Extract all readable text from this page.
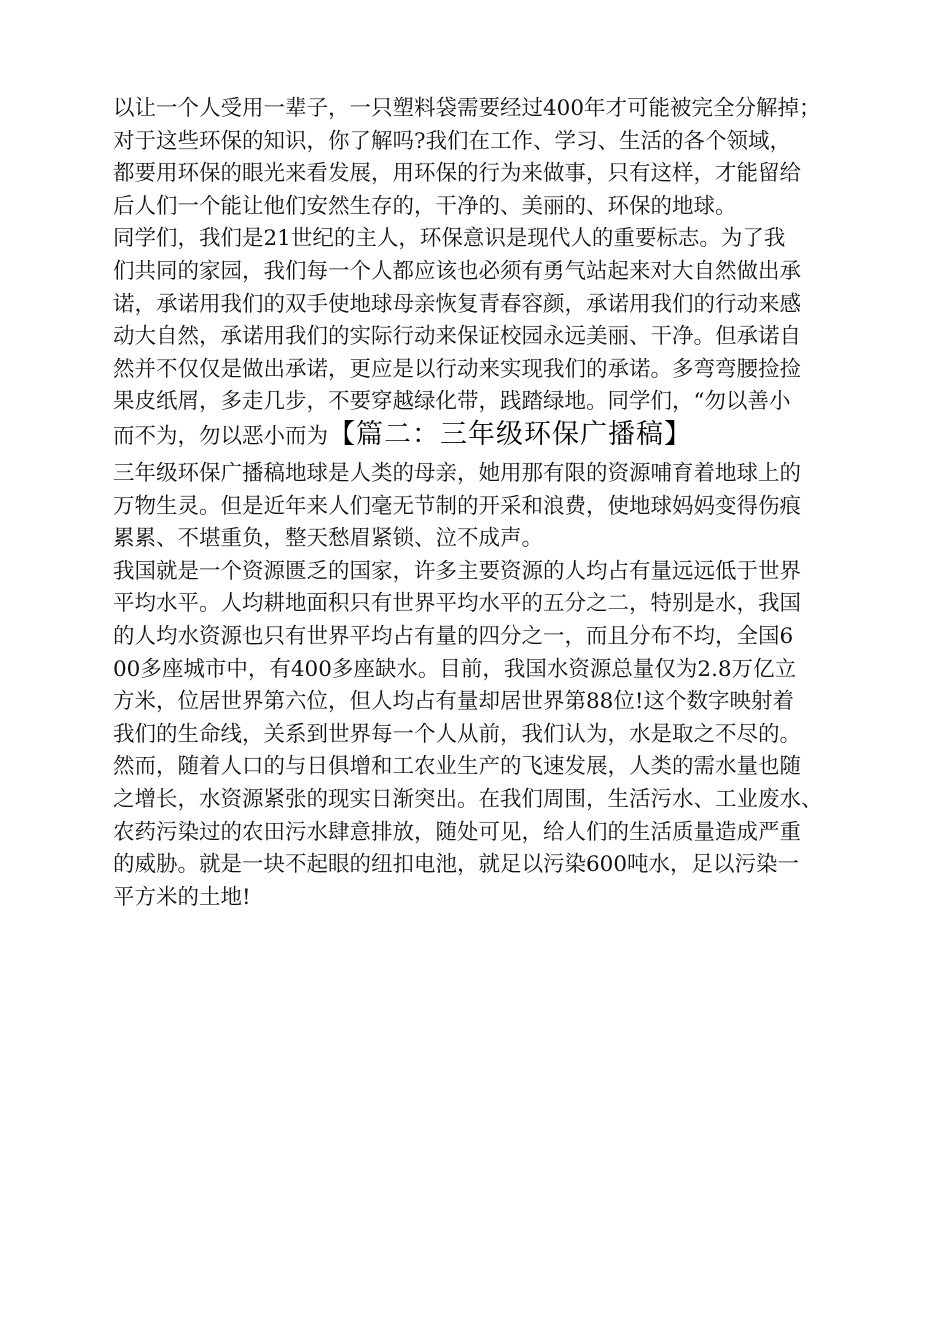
以让一个人受用一辈子，一只塑料袋需要经过400年才可能被完全分解掉；
对于这些环保的知识，你了解吗?我们在工作、学习、生活的各个领域，
都要用环保的眼光来看发展，用环保的行为来做事，只有这样，才能留给
后人们一个能让他们安然生存的，干净的、美丽的、环保的地球。
同学们，我们是21世纪的主人，环保意识是现代人的重要标志。为了我
们共同的家园，我们每一个人都应该也必须有勇气站起来对大自然做出承
诺，承诺用我们的双手使地球母亲恢复青春容颜，承诺用我们的行动来感
动大自然，承诺用我们的实际行动来保证校园永远美丽、干净。但承诺自
然并不仅仅是做出承诺，更应是以行动来实现我们的承诺。多弯弯腰捡捡
果皮纸屑，多走几步，不要穿越绿化带，践踏绿地。同学们，“勿以善小
而不为，勿以恶小而为【篇二：三年级环保广播稿】
三年级环保广播稿地球是人类的母亲，她用那有限的资源哺育着地球上的
万物生灵。但是近年来人们毫无节制的开采和浪费，使地球妈妈变得伤痕
累累、不堪重负，整天愁眉紧锁、泣不成声。
我国就是一个资源匮乏的国家，许多主要资源的人均占有量远远低于世界
平均水平。人均耕地面积只有世界平均水平的五分之二，特别是水，我国
的人均水资源也只有世界平均占有量的四分之一，而且分布不均，全国6
00多座城市中，有400多座缺水。目前，我国水资源总量仅为2.8万亿立
方米，位居世界第六位，但人均占有量却居世界第88位!这个数字映射着
我们的生命线，关系到世界每一个人从前，我们认为，水是取之不尽的。
然而，随着人口的与日俱增和工农业生产的飞速发展，人类的需水量也随
之增长，水资源紧张的现实日渐突出。在我们周围，生活污水、工业废水、
农药污染过的农田污水肆意排放，随处可见，给人们的生活质量造成严重
的威胁。就是一块不起眼的纽扣电池，就足以污染600吨水，足以污染一
平方米的土地!
